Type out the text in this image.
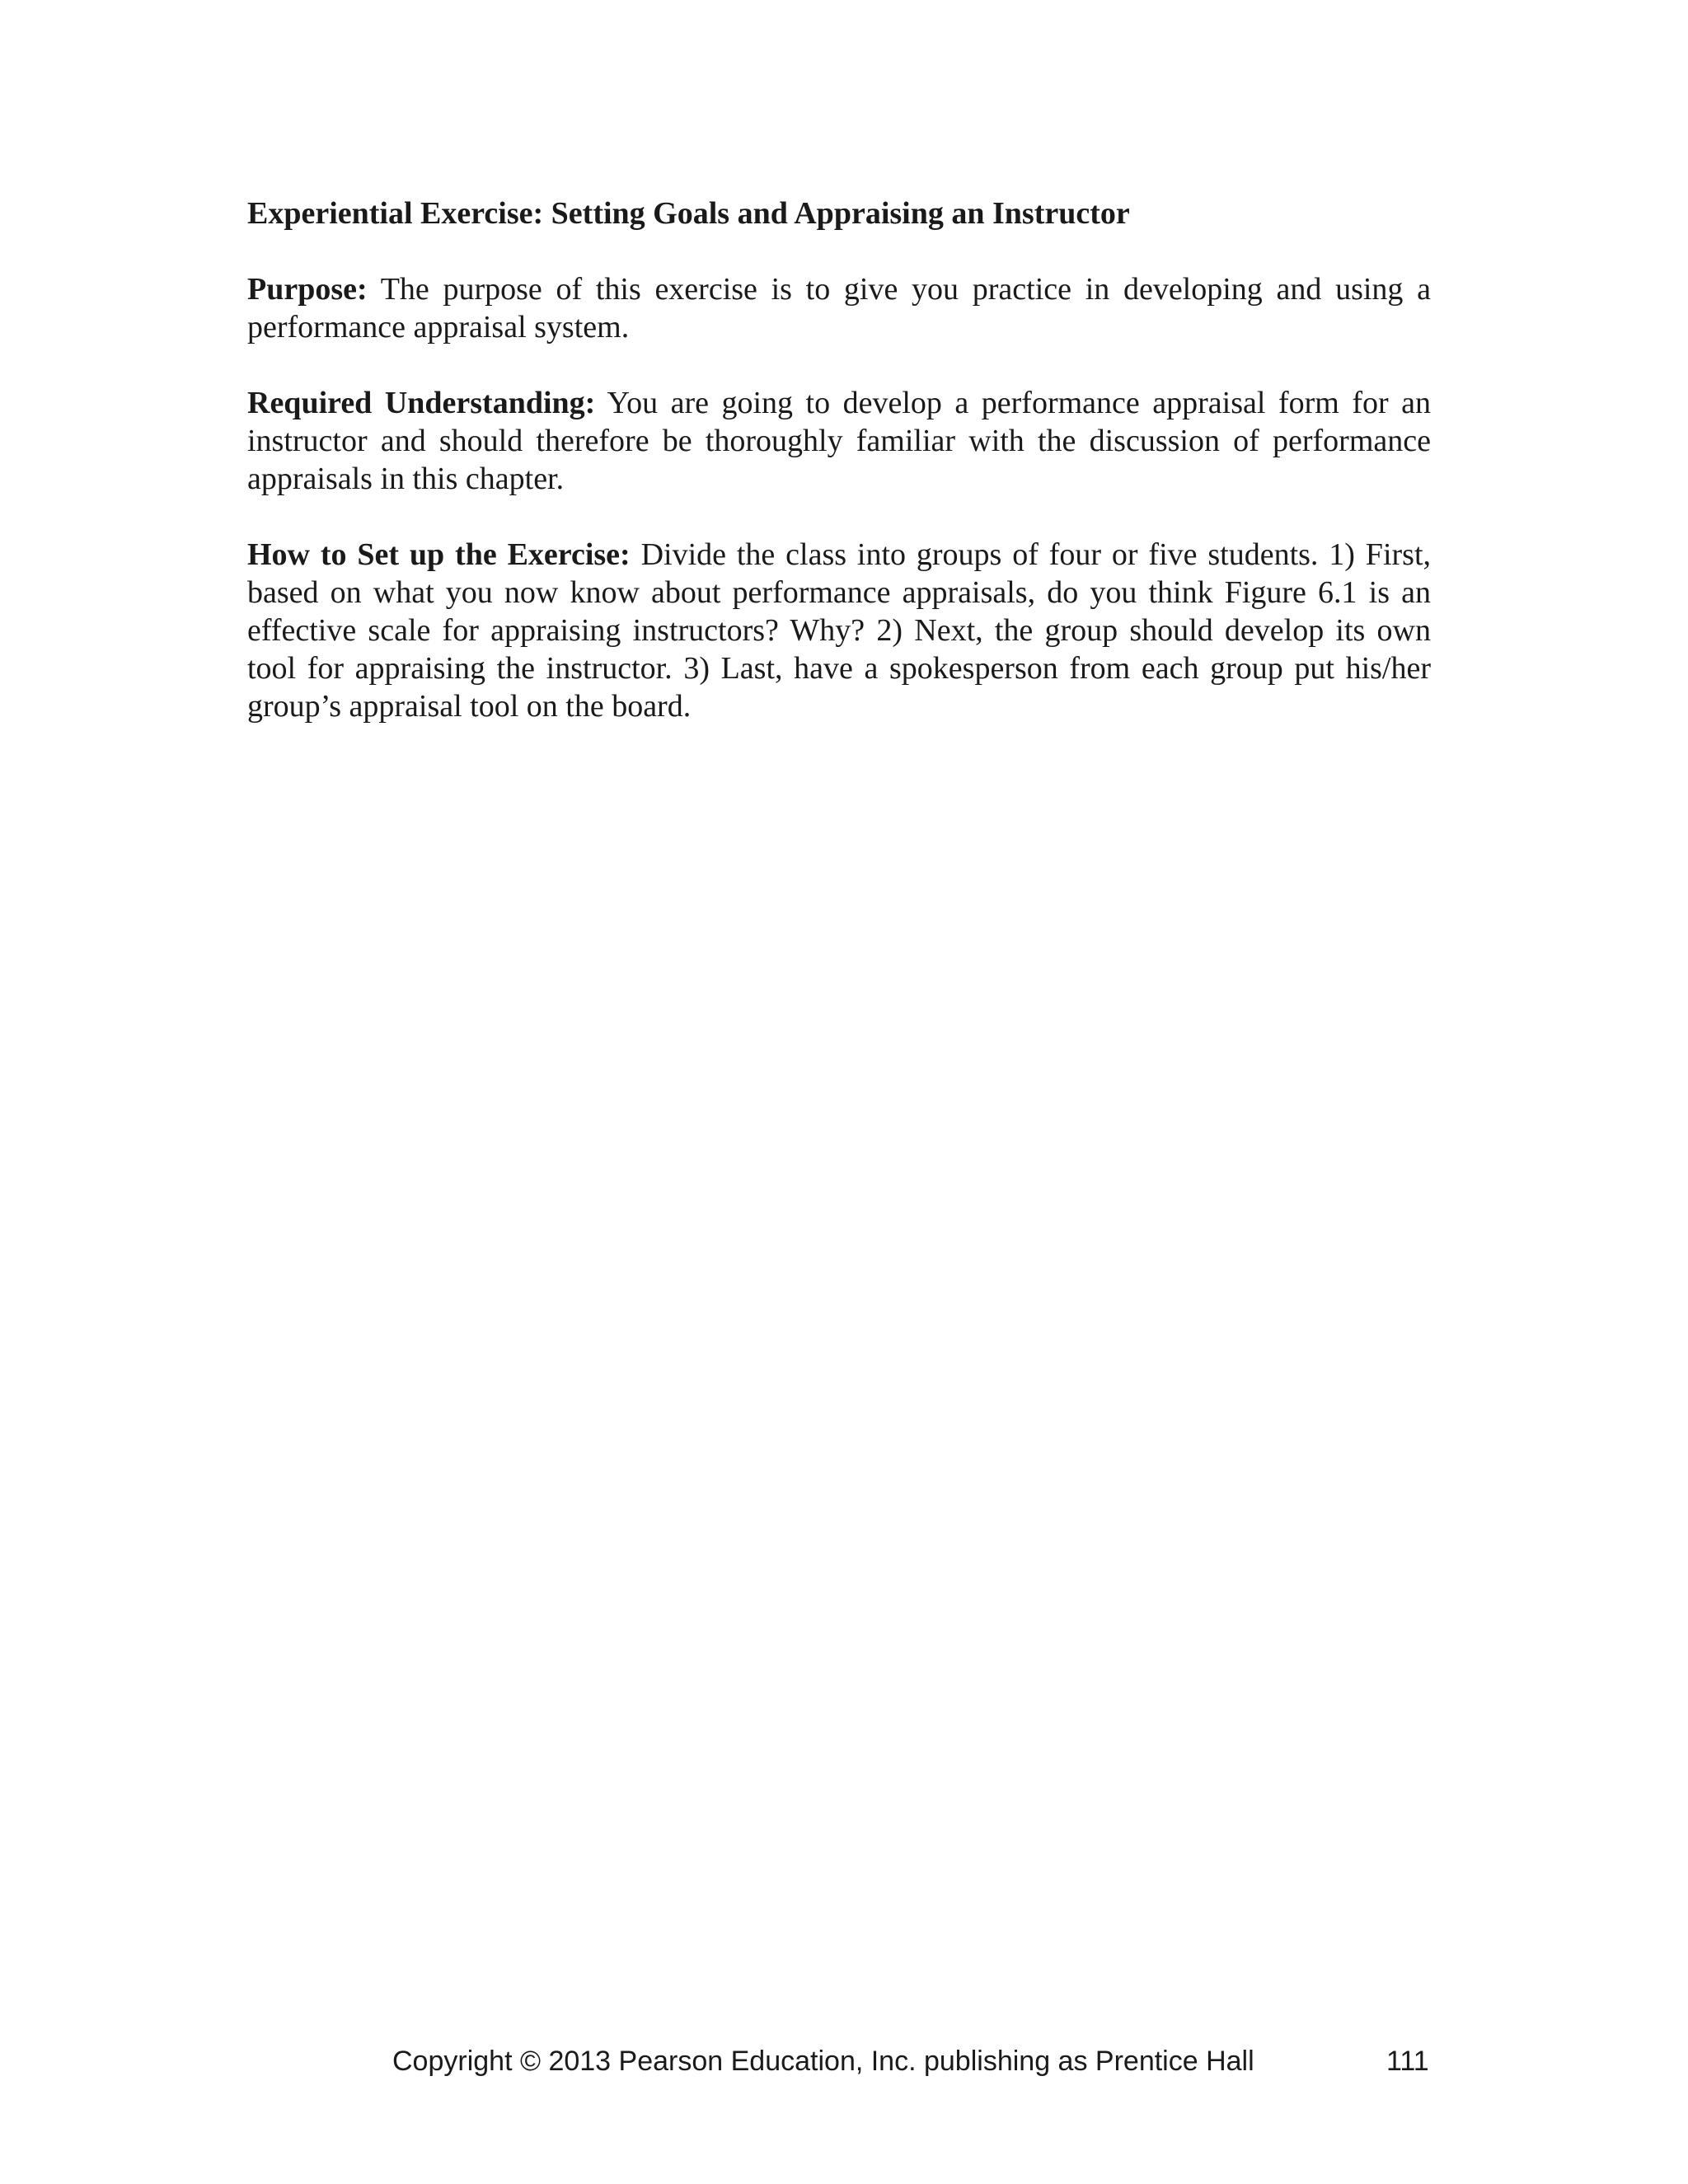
Experiential Exercise: Setting Goals and Appraising an Instructor

Purpose: The purpose of this exercise is to give you practice in developing and using a performance appraisal system.

Required Understanding: You are going to develop a performance appraisal form for an instructor and should therefore be thoroughly familiar with the discussion of performance appraisals in this chapter.

How to Set up the Exercise: Divide the class into groups of four or five students. 1) First, based on what you now know about performance appraisals, do you think Figure 6.1 is an effective scale for appraising instructors? Why? 2) Next, the group should develop its own tool for appraising the instructor. 3) Last, have a spokesperson from each group put his/her group’s appraisal tool on the board.

Copyright © 2013 Pearson Education, Inc. publishing as Prentice Hall	111
